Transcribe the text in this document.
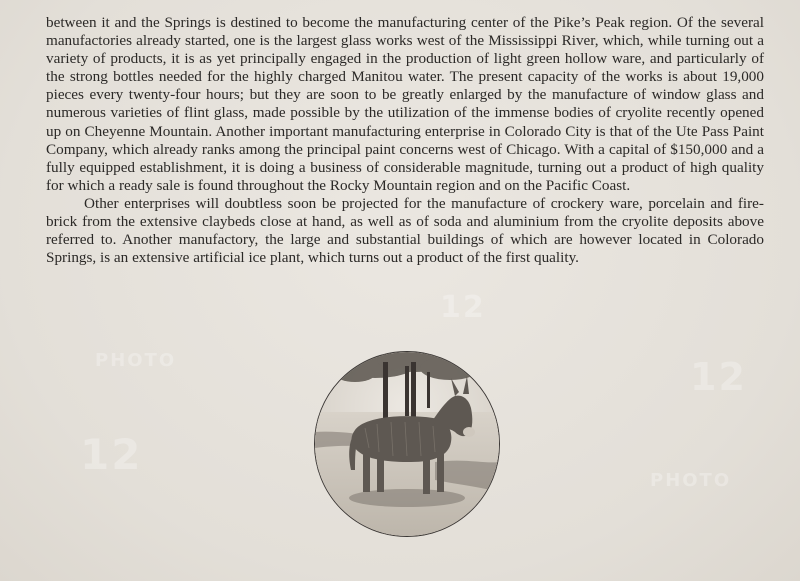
between it and the Springs is destined to become the manufacturing center of the Pike’s Peak region. Of the several manufactories already started, one is the largest glass works west of the Mississippi River, which, while turning out a variety of products, it is as yet principally engaged in the production of light green hollow ware, and particularly of the strong bottles needed for the highly charged Manitou water. The present capacity of the works is about 19,000 pieces every twenty-four hours; but they are soon to be greatly enlarged by the manufacture of window glass and numerous varieties of flint glass, made possible by the utilization of the immense bodies of cryolite recently opened up on Cheyenne Mountain. Another important manufacturing enterprise in Colorado City is that of the Ute Pass Paint Company, which already ranks among the principal paint concerns west of Chicago. With a capital of $150,000 and a fully equipped establishment, it is doing a business of considerable magnitude, turning out a product of high quality for which a ready sale is found throughout the Rocky Mountain region and on the Pacific Coast.

Other enterprises will doubtless soon be projected for the manufacture of crockery ware, porcelain and fire-brick from the extensive claybeds close at hand, as well as of soda and aluminium from the cryolite deposits above referred to. Another manufactory, the large and substantial buildings of which are however located in Colorado Springs, is an extensive artificial ice plant, which turns out a product of the first quality.

PHOTO
12
PHOTO
12
12
